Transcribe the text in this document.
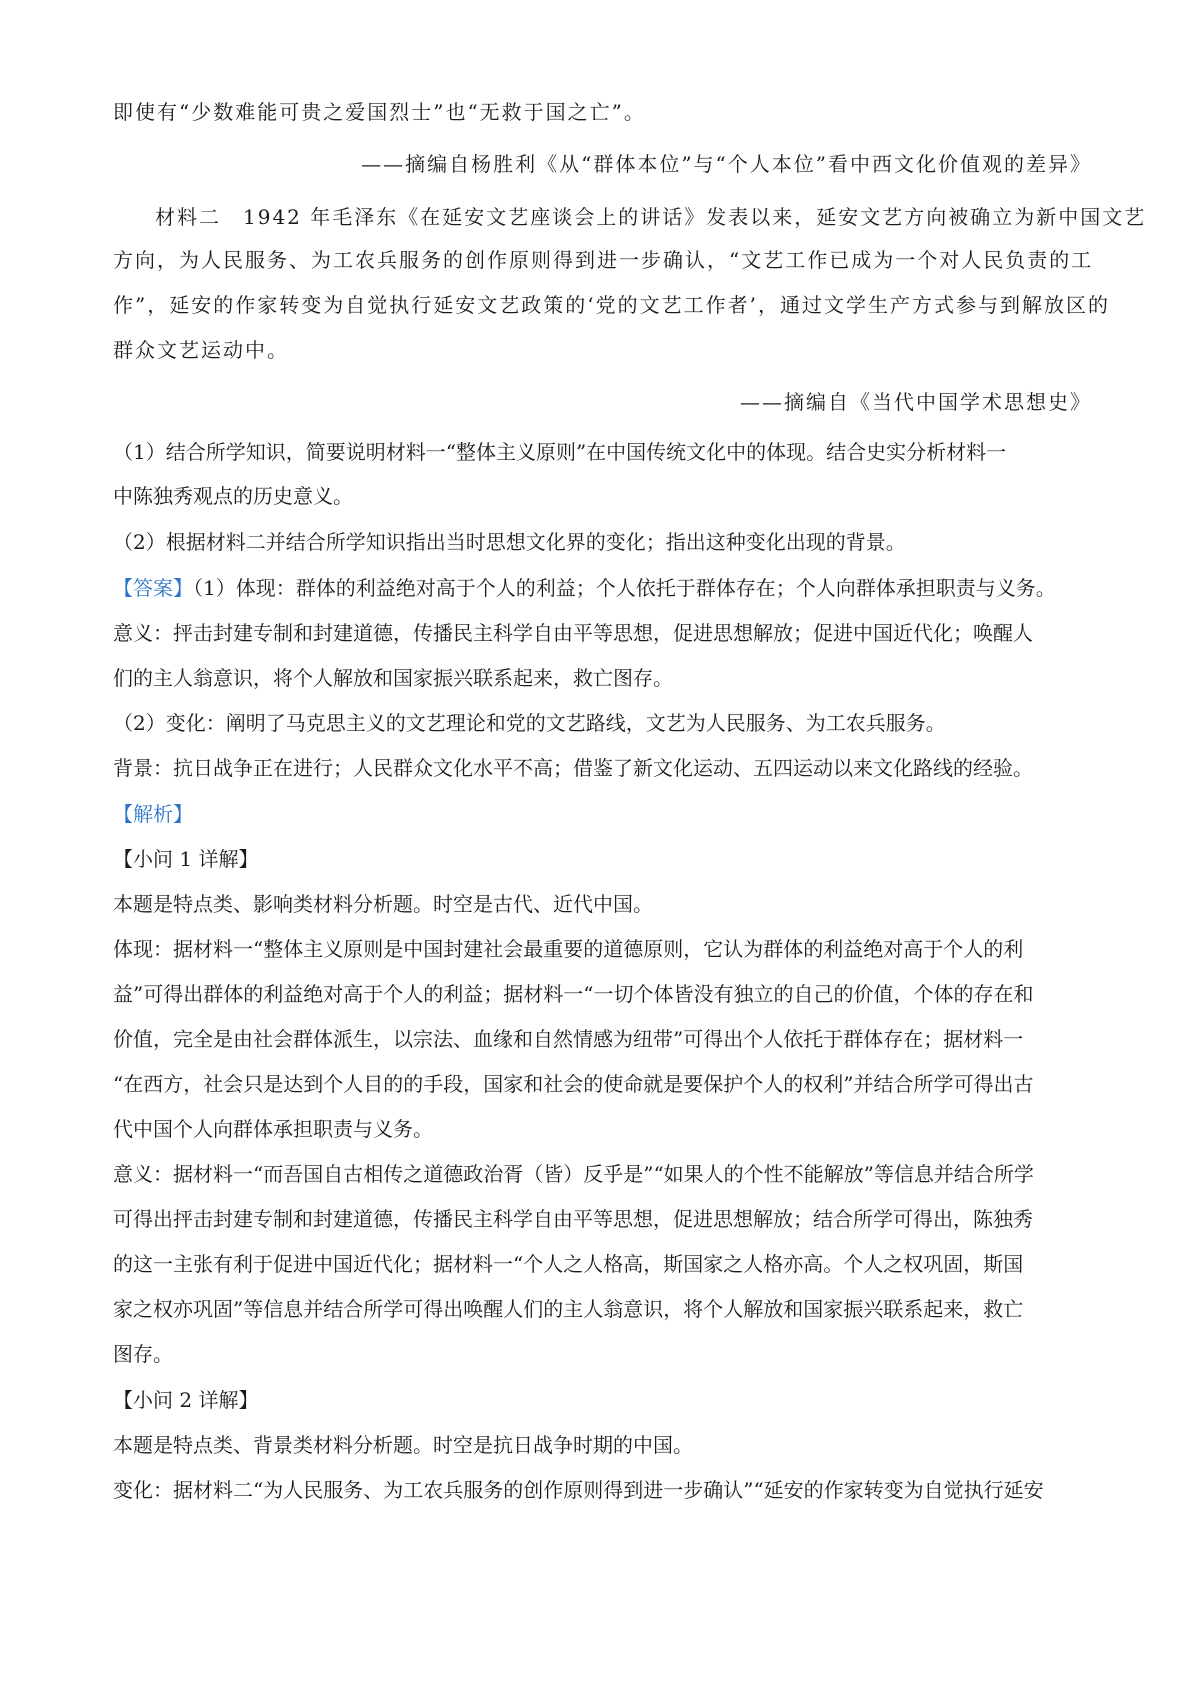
即使有“少数难能可贵之爱国烈士”也“无救于国之亡”。
——摘编自杨胜利《从“群体本位”与“个人本位”看中西文化价值观的差异》
材料二　1942 年毛泽东《在延安文艺座谈会上的讲话》发表以来，延安文艺方向被确立为新中国文艺
方向，为人民服务、为工农兵服务的创作原则得到进一步确认，“文艺工作已成为一个对人民负责的工
作”，延安的作家转变为自觉执行延安文艺政策的‘党的文艺工作者’，通过文学生产方式参与到解放区的
群众文艺运动中。
——摘编自《当代中国学术思想史》
（1）结合所学知识，简要说明材料一“整体主义原则”在中国传统文化中的体现。结合史实分析材料一
中陈独秀观点的历史意义。
（2）根据材料二并结合所学知识指出当时思想文化界的变化；指出这种变化出现的背景。
【答案】（1）体现：群体的利益绝对高于个人的利益；个人依托于群体存在；个人向群体承担职责与义务。
意义：抨击封建专制和封建道德，传播民主科学自由平等思想，促进思想解放；促进中国近代化；唤醒人
们的主人翁意识，将个人解放和国家振兴联系起来，救亡图存。
（2）变化：阐明了马克思主义的文艺理论和党的文艺路线，文艺为人民服务、为工农兵服务。
背景：抗日战争正在进行；人民群众文化水平不高；借鉴了新文化运动、五四运动以来文化路线的经验。
【解析】
【小问 1 详解】
本题是特点类、影响类材料分析题。时空是古代、近代中国。
体现：据材料一“整体主义原则是中国封建社会最重要的道德原则，它认为群体的利益绝对高于个人的利
益”可得出群体的利益绝对高于个人的利益；据材料一“一切个体皆没有独立的自己的价值，个体的存在和
价值，完全是由社会群体派生，以宗法、血缘和自然情感为纽带”可得出个人依托于群体存在；据材料一
“在西方，社会只是达到个人目的的手段，国家和社会的使命就是要保护个人的权利”并结合所学可得出古
代中国个人向群体承担职责与义务。
意义：据材料一“而吾国自古相传之道德政治胥（皆）反乎是”“如果人的个性不能解放”等信息并结合所学
可得出抨击封建专制和封建道德，传播民主科学自由平等思想，促进思想解放；结合所学可得出，陈独秀
的这一主张有利于促进中国近代化；据材料一“个人之人格高，斯国家之人格亦高。个人之权巩固，斯国
家之权亦巩固”等信息并结合所学可得出唤醒人们的主人翁意识，将个人解放和国家振兴联系起来，救亡
图存。
【小问 2 详解】
本题是特点类、背景类材料分析题。时空是抗日战争时期的中国。
变化：据材料二“为人民服务、为工农兵服务的创作原则得到进一步确认”“延安的作家转变为自觉执行延安
